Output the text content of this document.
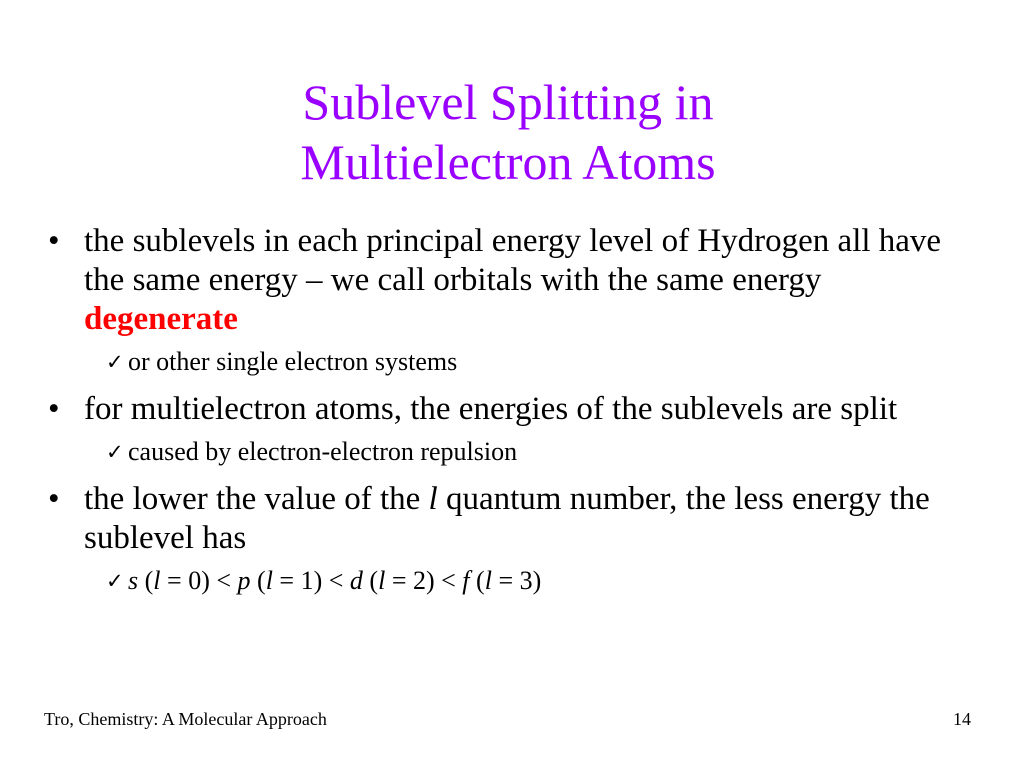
Sublevel Splitting in
Multielectron Atoms
• the sublevels in each principal energy level of Hydrogen all have the same energy – we call orbitals with the same energy degenerate
✓ or other single electron systems
• for multielectron atoms, the energies of the sublevels are split
✓ caused by electron-electron repulsion
• the lower the value of the l quantum number, the less energy the sublevel has
✓ s (l = 0) < p (l = 1) < d (l = 2) < f (l = 3)
Tro, Chemistry: A Molecular Approach	14
